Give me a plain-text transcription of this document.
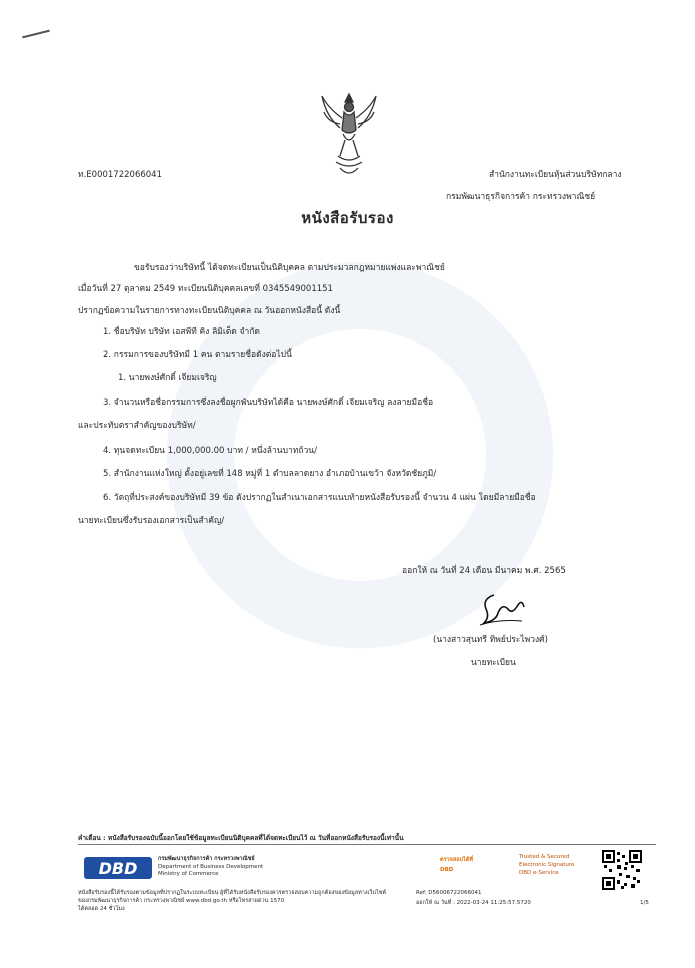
ท.E0001722066041	สำนักงานทะเบียนหุ้นส่วนบริษัทกลาง
กรมพัฒนาธุรกิจการค้า กระทรวงพาณิชย์
หนังสือรับรอง
ขอรับรองว่าบริษัทนี้ ได้จดทะเบียนเป็นนิติบุคคล ตามประมวลกฎหมายแพ่งและพาณิชย์
เมื่อวันที่ 27 ตุลาคม 2549 ทะเบียนนิติบุคคลเลขที่ 0345549001151
ปรากฏข้อความในรายการทางทะเบียนนิติบุคคล ณ วันออกหนังสือนี้ ดังนี้
1. ชื่อบริษัท บริษัท เอสพีที คิง ลิมิเต็ด จำกัด
2. กรรมการของบริษัทมี 1 คน ตามรายชื่อดังต่อไปนี้
1. นายพงษ์ศักดิ์ เจียมเจริญ
3. จำนวนหรือชื่อกรรมการซึ่งลงชื่อผูกพันบริษัทได้คือ นายพงษ์ศักดิ์ เจียมเจริญ ลงลายมือชื่อ
และประทับตราสำคัญของบริษัท/
4. ทุนจดทะเบียน 1,000,000.00 บาท / หนึ่งล้านบาทถ้วน/
5. สำนักงานแห่งใหญ่ ตั้งอยู่เลขที่ 148 หมู่ที่ 1 ตำบลลาดยาง อำเภอบ้านเขว้า จังหวัดชัยภูมิ/
6. วัตถุที่ประสงค์ของบริษัทมี 39 ข้อ ดังปรากฏในสำเนาเอกสารแนบท้ายหนังสือรับรองนี้ จำนวน 4 แผ่น โดยมีลายมือชื่อ
นายทะเบียนซึ่งรับรองเอกสารเป็นสำคัญ/
ออกให้ ณ วันที่ 24 เดือน มีนาคม พ.ศ. 2565
(นางสาวสุนทรี ทิพย์ประไพวงศ์)
นายทะเบียน
คำเตือน : หนังสือรับรองฉบับนี้ออกโดยใช้ข้อมูลทะเบียนนิติบุคคลที่ได้จดทะเบียนไว้ ณ วันที่ออกหนังสือรับรองนี้เท่านั้น
DBD	กรมพัฒนาธุรกิจการค้า กระทรวงพาณิชย์
Department of Business Development
Ministry of Commerce
หนังสือรับรองนี้ได้รับรองตามข้อมูลที่ปรากฏในระบบทะเบียน ผู้ที่ได้รับหนังสือรับรองควรตรวจสอบความถูกต้องของข้อมูลทางเว็บไซต์
ของกรมพัฒนาธุรกิจการค้า กระทรวงพาณิชย์ www.dbd.go.th หรือโทรสายด่วน 1570
ได้ตลอด 24 ชั่วโมง
ตรวจสอบได้ที่
DBD
Trusted & Secured
Electronic Signature
DBD e-Service
Ref: D56006722066041
ออกให้ ณ วันที่ : 2022-03-24 11:25:57.5720	1/5
